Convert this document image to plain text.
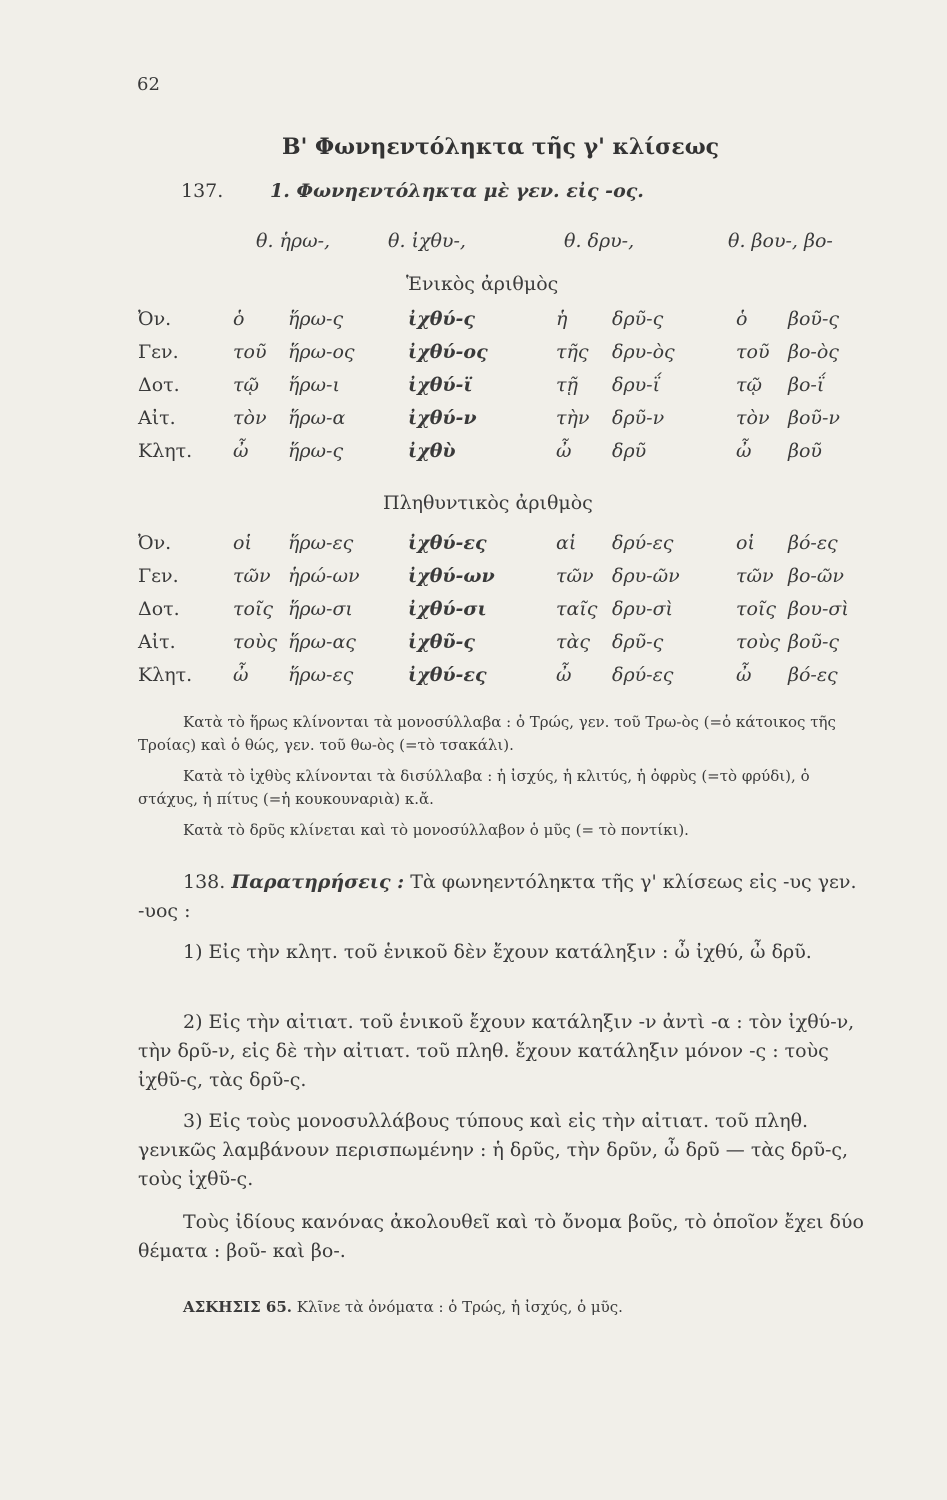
62
Β' Φωνηεντόληκτα τῆς γ' κλίσεως
137. 1. Φωνηεντόληκτα μὲ γεν. εἰς -ος.
θ. ἡρω-,	θ. ἰχθυ-,	θ. δρυ-,	θ. βου-, βο-
Ἑνικὸς ἀριθμὸς
Ὀν.	ὁ ἥρω-ς	ἰχθύ-ς	ἡ δρῦ-ς	ὁ βοῦ-ς
Γεν.	τοῦ ἥρω-ος	ἰχθύ-ος	τῆς δρυ-ὸς	τοῦ βο-ὸς
Δοτ.	τῷ ἥρω-ι	ἰχθύ-ϊ	τῇ δρυ-ΐ	τῷ βο-ΐ
Αἰτ.	τὸν ἥρω-α	ἰχθύ-ν	τὴν δρῦ-ν	τὸν βοῦ-ν
Κλητ. ὦ ἥρω-ς	ἰχθὺ	ὦ δρῦ	ὦ βοῦ
Πληθυντικὸς ἀριθμὸς
Ὀν.	οἱ ἥρω-ες	ἰχθύ-ες	αἱ δρύ-ες	οἱ βό-ες
Γεν.	τῶν ἡρώ-ων	ἰχθύ-ων	τῶν δρυ-ῶν	τῶν βο-ῶν
Δοτ.	τοῖς ἥρω-σι	ἰχθύ-σι	ταῖς δρυ-σὶ	τοῖς βου-σὶ
Αἰτ.	τοὺς ἥρω-ας	ἰχθῦ-ς	τὰς δρῦ-ς	τοὺς βοῦ-ς
Κλητ. ὦ ἥρω-ες	ἰχθύ-ες	ὦ δρύ-ες	ὦ βό-ες
Κατὰ τὸ ἥρως κλίνονται τὰ μονοσύλλαβα : ὁ Τρώς, γεν. τοῦ Τρω-ὸς (=ὁ κάτοικος τῆς Τροίας) καὶ ὁ θώς, γεν. τοῦ θω-ὸς (=τὸ τσακάλι).
Κατὰ τὸ ἰχθὺς κλίνονται τὰ δισύλλαβα : ἡ ἰσχύς, ἡ κλιτύς, ἡ ὀφρὺς (=τὸ φρύδι), ὁ στάχυς, ἡ πίτυς (=ἡ κουκουναριὰ) κ.ἄ.
Κατὰ τὸ δρῦς κλίνεται καὶ τὸ μονοσύλλαβον ὁ μῦς (= τὸ ποντίκι).
138. Παρατηρήσεις : Τὰ φωνηεντόληκτα τῆς γ' κλίσεως εἰς -υς γεν. -υος :
1) Εἰς τὴν κλητ. τοῦ ἑνικοῦ δὲν ἔχουν κατάληξιν : ὦ ἰχθύ, ὦ δρῦ.
2) Εἰς τὴν αἰτιατ. τοῦ ἑνικοῦ ἔχουν κατάληξιν -ν ἀντὶ -α : τὸν ἰχθύ-ν, τὴν δρῦ-ν, εἰς δὲ τὴν αἰτιατ. τοῦ πληθ. ἔχουν κατάληξιν μόνον -ς : τοὺς ἰχθῦ-ς, τὰς δρῦ-ς.
3) Εἰς τοὺς μονοσυλλάβους τύπους καὶ εἰς τὴν αἰτιατ. τοῦ πληθ. γενικῶς λαμβάνουν περισπωμένην : ἡ δρῦς, τὴν δρῦν, ὦ δρῦ — τὰς δρῦ-ς, τοὺς ἰχθῦ-ς.
Τοὺς ἰδίους κανόνας ἀκολουθεῖ καὶ τὸ ὄνομα βοῦς, τὸ ὁποῖον ἔχει δύο θέματα : βοῦ- καὶ βο-.
ΑΣΚΗΣΙΣ 65. Κλῖνε τὰ ὀνόματα : ὁ Τρώς, ἡ ἰσχύς, ὁ μῦς.
